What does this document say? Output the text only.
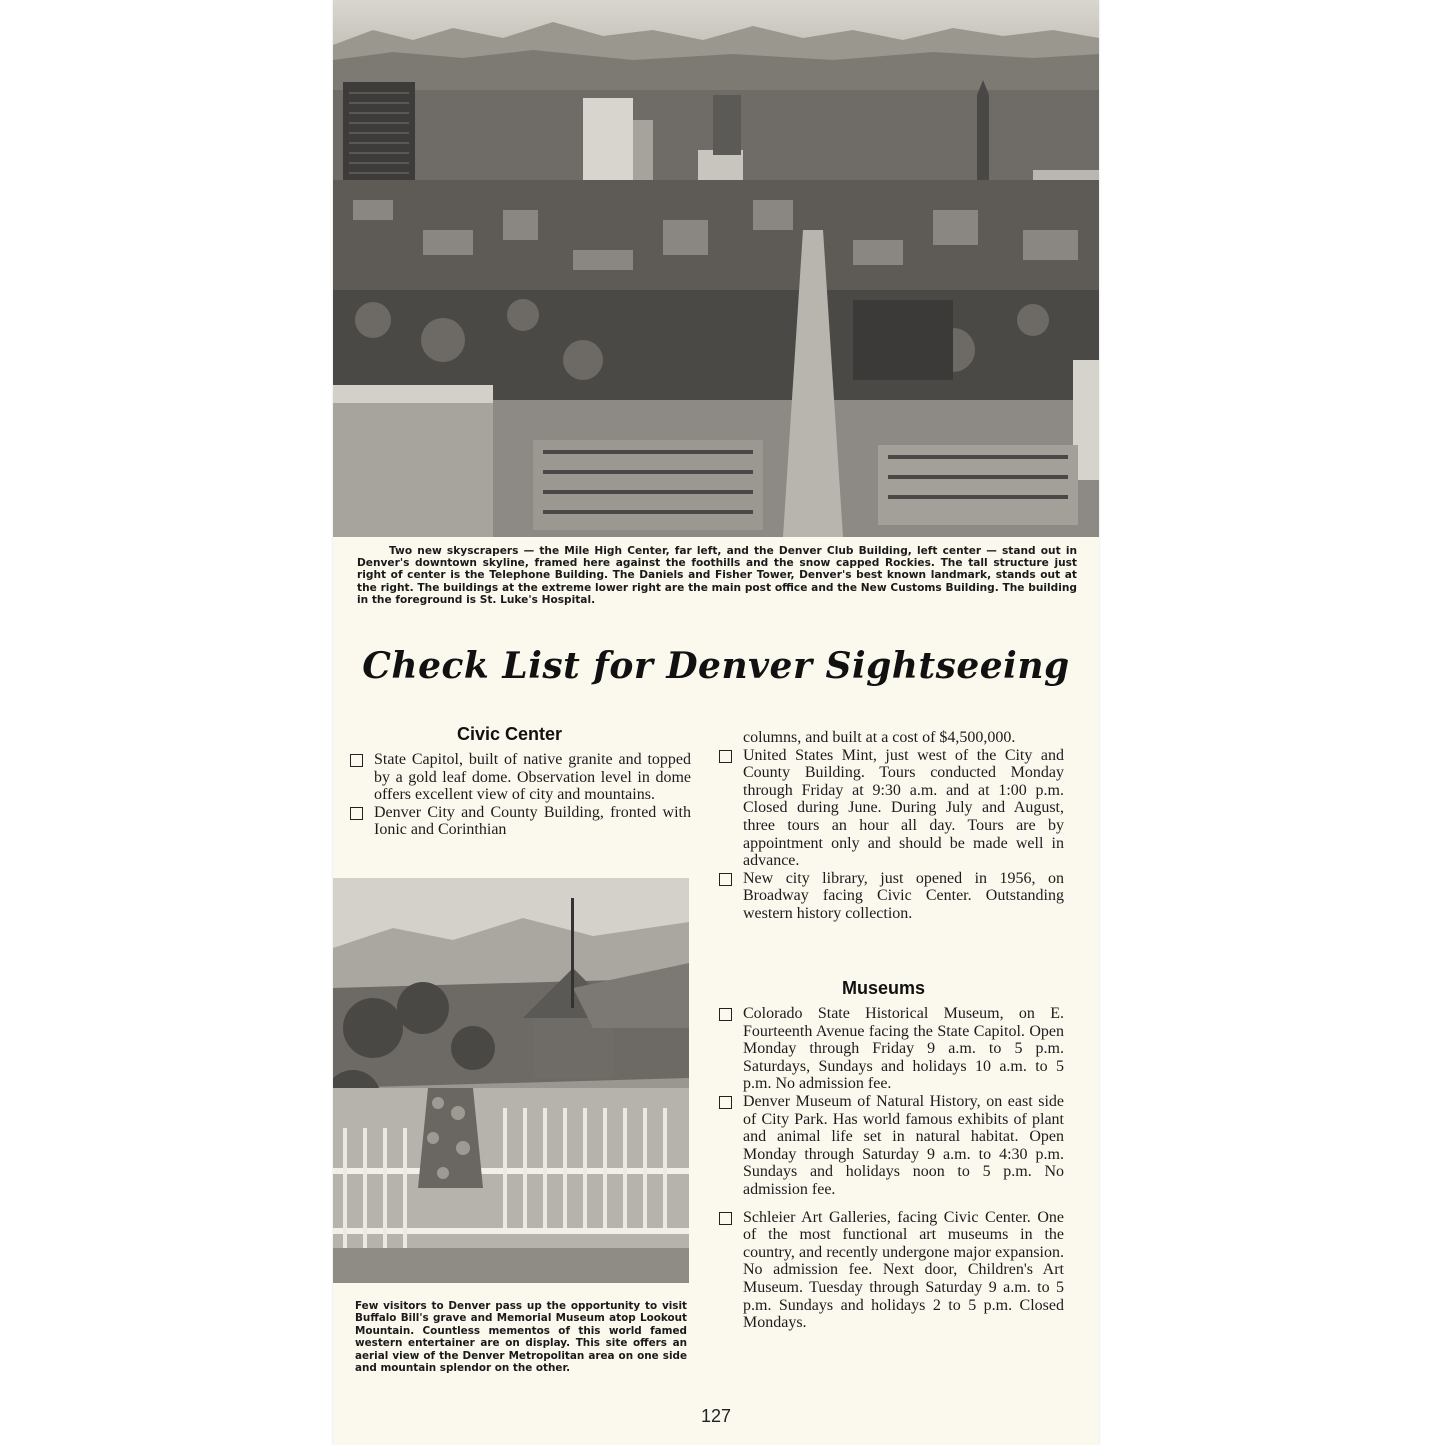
Two new skyscrapers — the Mile High Center, far left, and the Denver Club Building, left center — stand out in Denver's downtown skyline, framed here against the foothills and the snow capped Rockies. The tall structure just right of center is the Telephone Building. The Daniels and Fisher Tower, Denver's best known landmark, stands out at the right. The buildings at the extreme lower right are the main post office and the New Customs Building. The building in the foreground is St. Luke's Hospital.
Check List for Denver Sightseeing
Civic Center

State Capitol, built of native granite and topped by a gold leaf dome. Observation level in dome offers excellent view of city and mountains.

Denver City and County Building, fronted with Ionic and Corinthian

Few visitors to Denver pass up the opportunity to visit Buffalo Bill's grave and Memorial Museum atop Lookout Mountain. Countless mementos of this world famed western entertainer are on display. This site offers an aerial view of the Denver Metropolitan area on one side and mountain splendor on the other.

columns, and built at a cost of $4,500,000.

United States Mint, just west of the City and County Building. Tours conducted Monday through Friday at 9:30 a.m. and at 1:00 p.m. Closed during June. During July and August, three tours an hour all day. Tours are by appointment only and should be made well in advance.

New city library, just opened in 1956, on Broadway facing Civic Center. Outstanding western history collection.

Museums

Colorado State Historical Museum, on E. Fourteenth Avenue facing the State Capitol. Open Monday through Friday 9 a.m. to 5 p.m. Saturdays, Sundays and holidays 10 a.m. to 5 p.m. No admission fee.

Denver Museum of Natural History, on east side of City Park. Has world famous exhibits of plant and animal life set in natural habitat. Open Monday through Saturday 9 a.m. to 4:30 p.m. Sundays and holidays noon to 5 p.m. No admission fee.

Schleier Art Galleries, facing Civic Center. One of the most functional art museums in the country, and recently undergone major expansion. No admission fee. Next door, Children's Art Museum. Tuesday through Saturday 9 a.m. to 5 p.m. Sundays and holidays 2 to 5 p.m. Closed Mondays.

127
